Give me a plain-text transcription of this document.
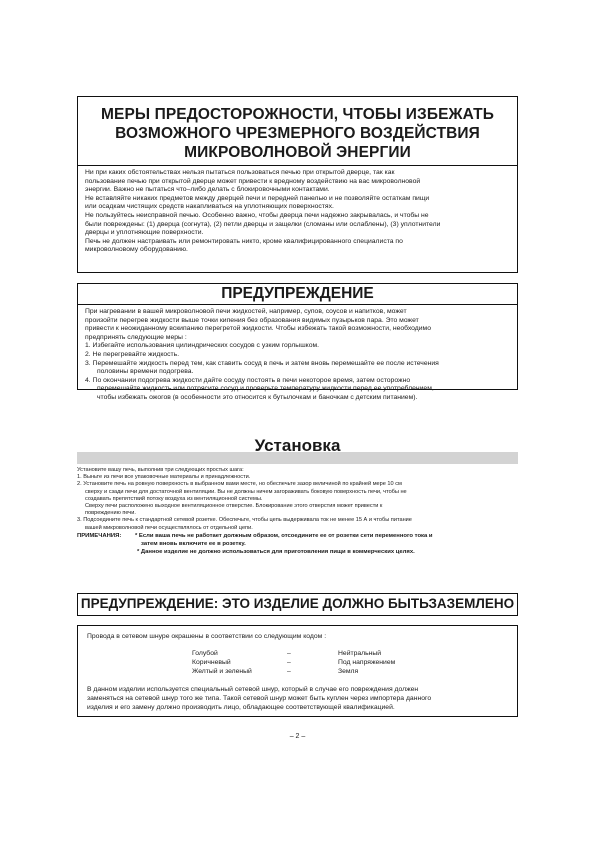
МЕРЫ ПРЕДОСТОРОЖНОСТИ, ЧТОБЫ ИЗБЕЖАТЬ ВОЗМОЖНОГО ЧРЕЗМЕРНОГО ВОЗДЕЙСТВИЯ МИКРОВОЛНОВОЙ ЭНЕРГИИ

Ни при каких обстоятельствах нельзя пытаться пользоваться печью при открытой дверце, так как

пользование печью при открытой дверце может привести к вредному воздействию на вас микроволновой

энергии. Важно не пытаться что–либо делать с блокировочными контактами.

Не вставляйте никаких предметов между дверцей печи и передней панелью и не позволяйте остаткам пищи

или осадкам чистящих средств накапливаться на уплотняющих поверхностях.

Не пользуйтесь неисправной печью. Особенно важно, чтобы дверца печи надежно закрывалась, и чтобы не

были повреждены: (1) дверца (согнута), (2) петли дверцы и защелки (сломаны или ослаблены), (3) уплотнители

дверцы и уплотняющие поверхности.

Печь не должен настраивать или ремонтировать никто, кроме квалифицированного специалиста по

микроволновому оборудованию.

ПРЕДУПРЕЖДЕНИЕ

При нагревании в вашей микроволновой печи жидкостей, например, супов, соусов и напитков, может

произойти перегрев жидкости выше точки кипения без образования видимых пузырьков пара. Это может

привести к неожиданному вскипанию перегретой жидкости. Чтобы избежать такой возможности, необходимо

предпринять следующие меры :

1. Избегайте использования цилиндрических сосудов с узким горлышком.

2. Не перегревайте жидкость.

3. Перемешайте жидкость перед тем, как ставить сосуд в печь и затем вновь перемешайте ее после истечения

половины времени подогрева.

4. По окончании подогрева жидкости дайте сосуду постоять в печи некоторое время, затем осторожно

перемешайте жидкость или потрясите сосуд и проверьте температуру жидкости перед ее употреблением,

чтобы избежать ожогов (в особенности это относится к бутылочкам и баночкам с детским питанием).

Установка

Установите вашу печь, выполнив три следующих простых шага:

1. Выньте из печи все упаковочные материалы и принадлежности.

2. Установите печь на ровную поверхность в выбранном вами месте, но обеспечьте зазор величиной по крайней мере 10 см

сверху и сзади печи для достаточной вентиляции. Вы не должны ничем загораживать боковую поверхность печи, чтобы не

создавать препятствий потоку воздуха из вентиляционной системы.

Сверху печи расположено выходное вентиляционное отверстие. Блокирование этого отверстия может привести к

повреждению печи.

3. Подсоедините печь к стандартной сетевой розетке. Обеспечьте, чтобы цепь выдерживала ток не менее 15 А и чтобы питание

вашей микроволновой печи осуществлялось от отдельной цепи.

ПРИМЕЧАНИЯ: * Если ваша печь не работает должным образом, отсоедините ее от розетки сети переменного тока и

затем вновь включите ее в розетку.

* Данное изделие не должно использоваться для приготовления пищи в коммерческих целях.

ПРЕДУПРЕЖДЕНИЕ: ЭТО ИЗДЕЛИЕ ДОЛЖНО БЫТЬЗАЗЕМЛЕНО
Провода в сетевом шнуре окрашены в соответствии со следующим кодом :
Голубой	–	Нейтральный
Коричневый	–	Под напряжением
Желтый и зеленый	–	Земля

В данном изделии используется специальный сетевой шнур, который в случае его повреждения должен

заменяться на сетевой шнур того же типа. Такой сетевой шнур может быть куплен через импортера данного

изделия и его замену должно производить лицо, обладающее соответствующей квалификацией.

– 2 –
